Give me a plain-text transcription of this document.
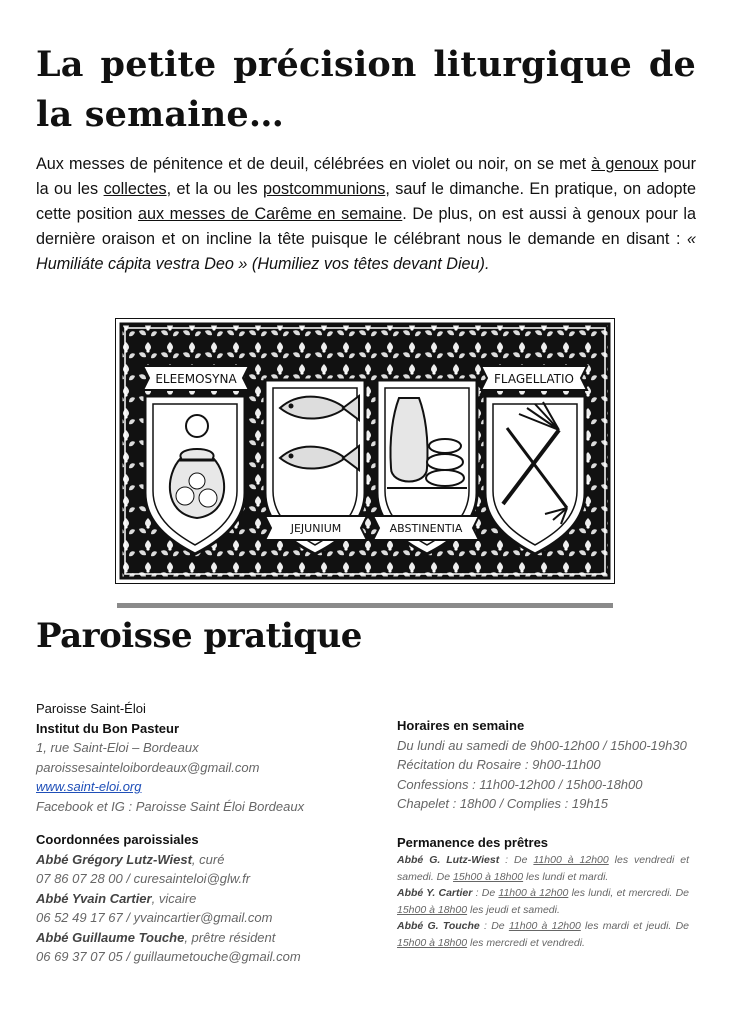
La petite précision liturgique de la semaine…

Aux messes de pénitence et de deuil, célébrées en violet ou noir, on se met à genoux pour la ou les collectes, et la ou les postcommunions, sauf le dimanche. En pratique, on adopte cette position aux messes de Carême en semaine. De plus, on est aussi à genoux pour la dernière oraison et on incline la tête puisque le célébrant nous le demande en disant : « Humiliáte cápita vestra Deo » (Humiliez vos têtes devant Dieu).

ELEEMOSYNA	FLAGELLATIO
JEJUNIUM	ABSTINENTIA
Paroisse pratique
Paroisse Saint-Éloi
Institut du Bon Pasteur
1, rue Saint-Eloi – Bordeaux
paroissesainteloibordeaux@gmail.com
www.saint-eloi.org
Facebook et IG : Paroisse Saint Éloi Bordeaux
Coordonnées paroissiales
Abbé Grégory Lutz-Wiest, curé
07 86 07 28 00 / curesainteloi@glw.fr
Abbé Yvain Cartier, vicaire
06 52 49 17 67 / yvaincartier@gmail.com
Abbé Guillaume Touche, prêtre résident
06 69 37 07 05 / guillaumetouche@gmail.com
Horaires en semaine
Du lundi au samedi de 9h00-12h00 / 15h00-19h30
Récitation du Rosaire : 9h00-11h00
Confessions : 11h00-12h00 / 15h00-18h00
Chapelet : 18h00 / Complies : 19h15
Permanence des prêtres
Abbé G. Lutz-Wiest : De 11h00 à 12h00 les vendredi et samedi. De 15h00 à 18h00 les lundi et mardi.
Abbé Y. Cartier : De 11h00 à 12h00 les lundi, et mercredi. De 15h00 à 18h00 les jeudi et samedi.
Abbé G. Touche : De 11h00 à 12h00 les mardi et jeudi. De 15h00 à 18h00 les mercredi et vendredi.
